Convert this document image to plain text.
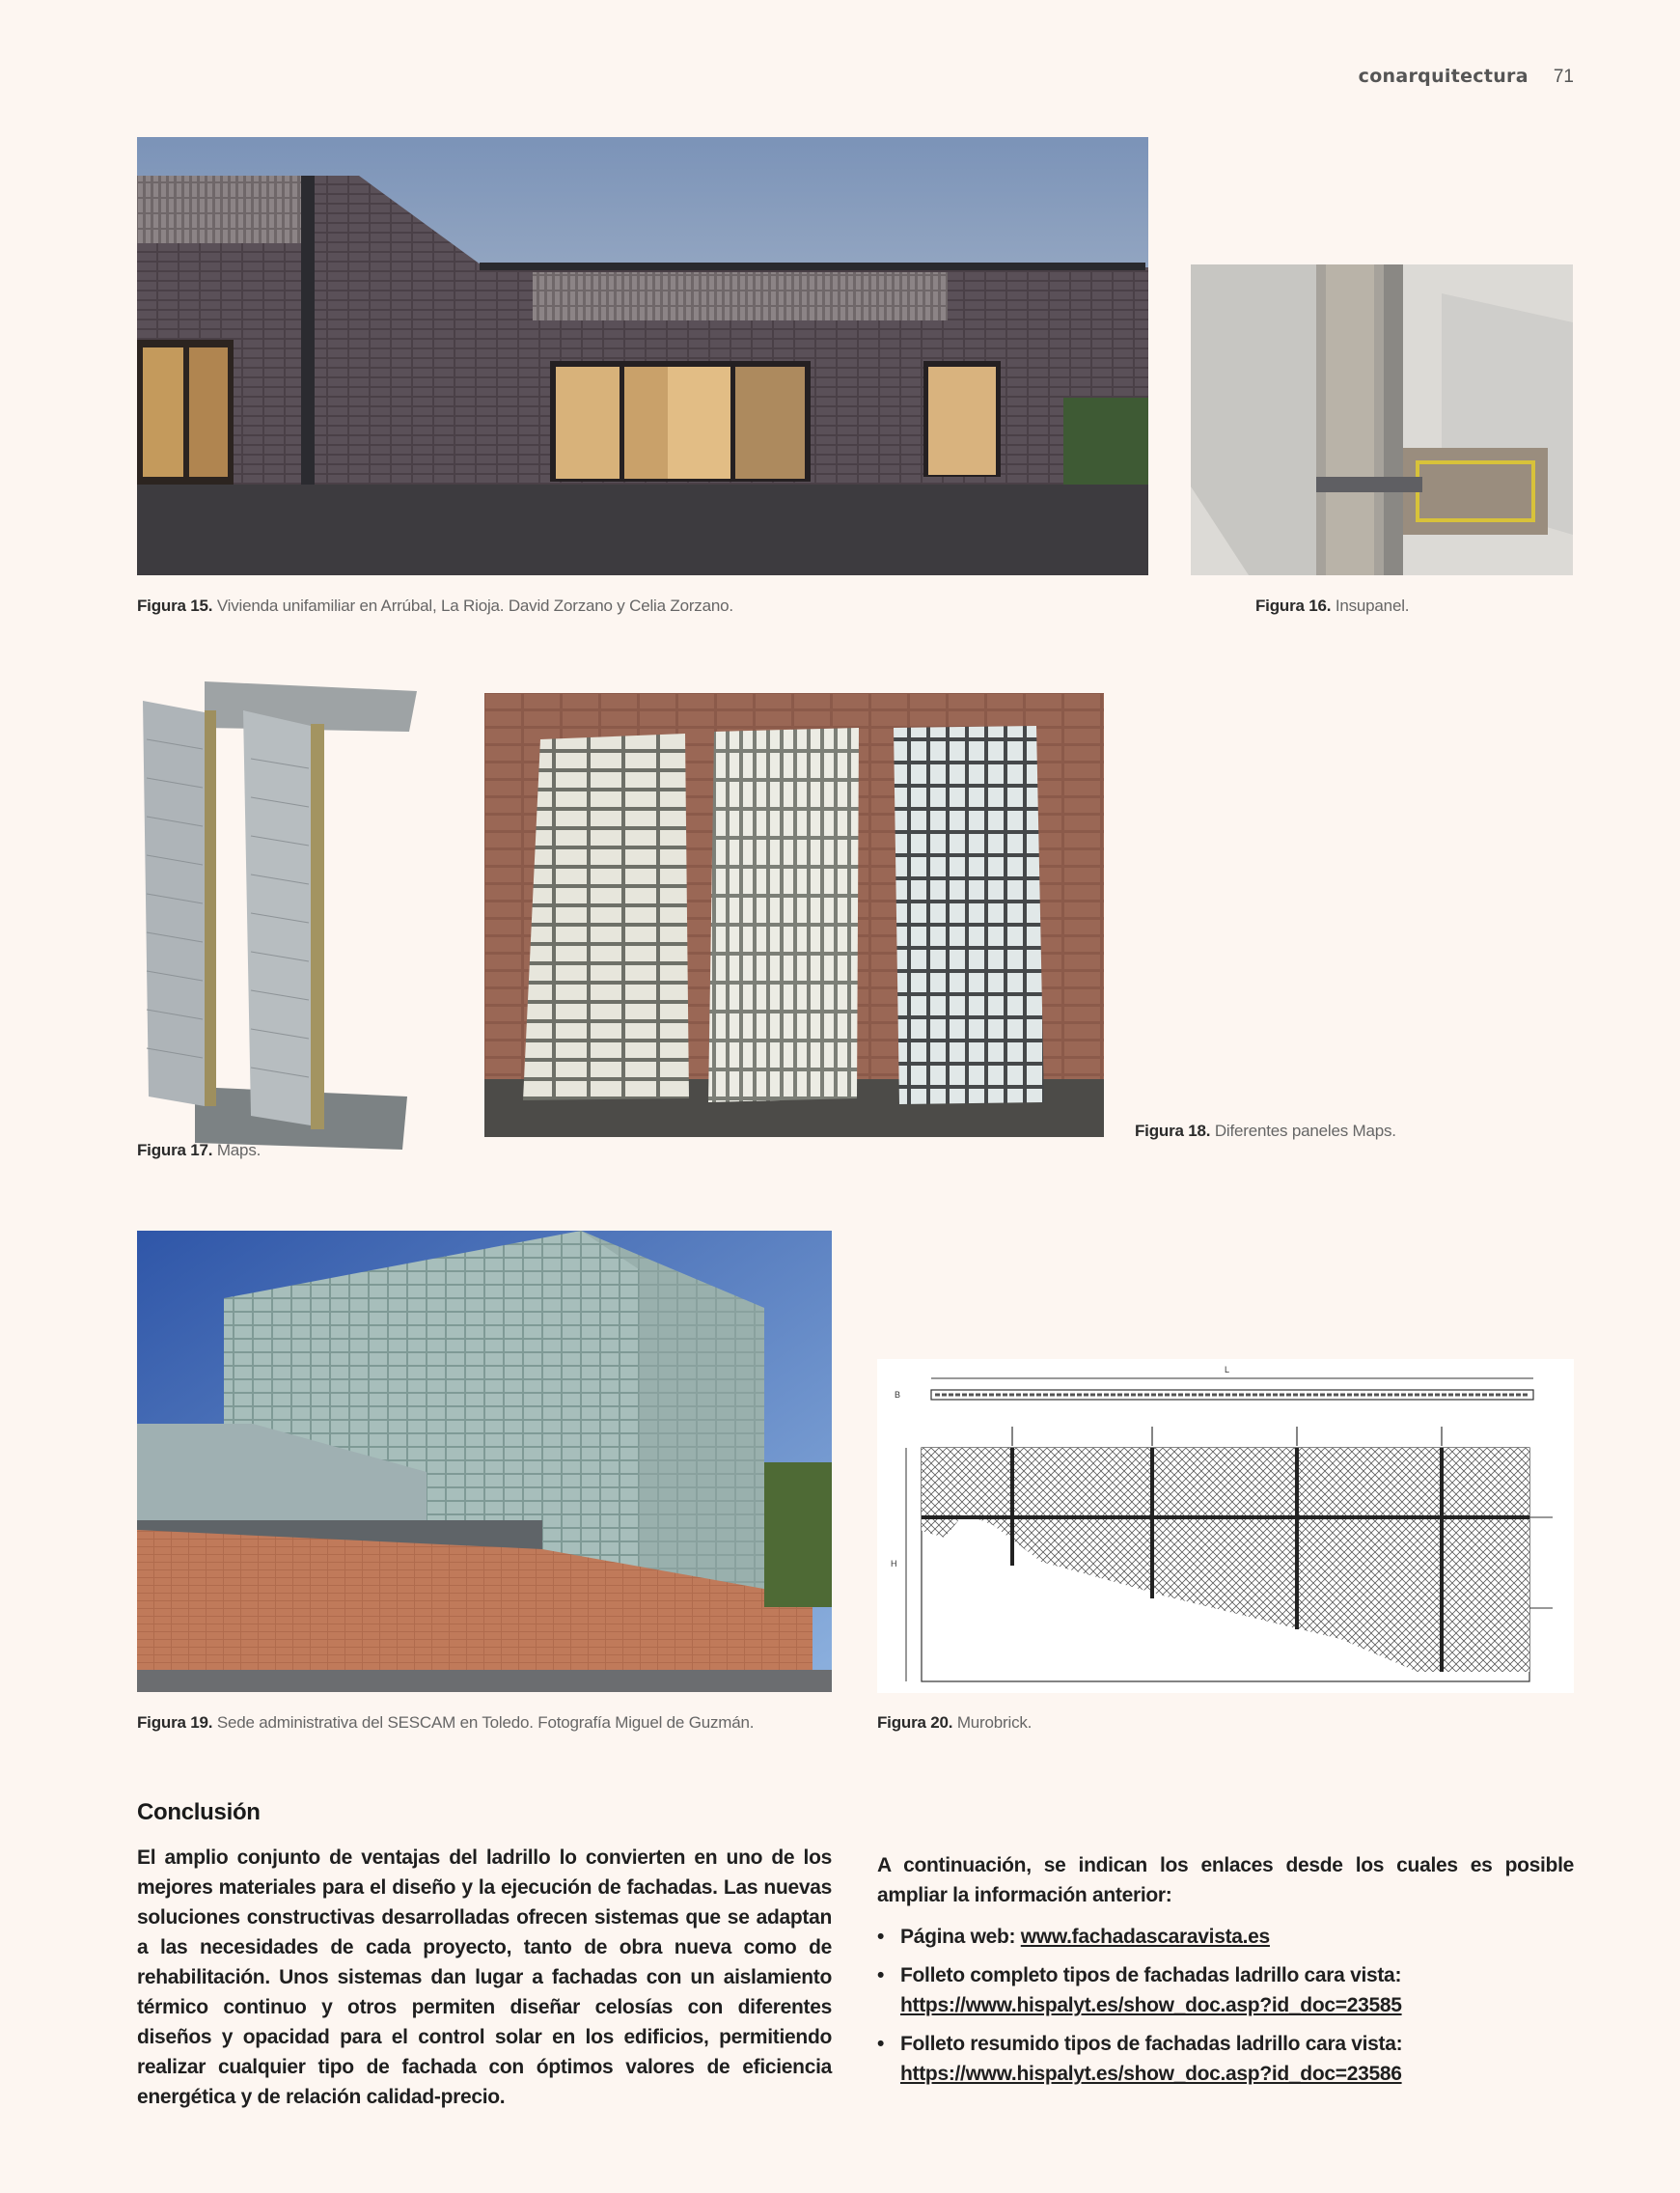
conarquitectura 71
Figura 15. Vivienda unifamiliar en Arrúbal, La Rioja. David Zorzano y Celia Zorzano.	Figura 16. Insupanel.
Figura 17. Maps.
Figura 18. Diferentes paneles Maps.
L
B
H
Figura 19. Sede administrativa del SESCAM en Toledo. Fotografía Miguel de Guzmán.	Figura 20. Murobrick.
Conclusión

El amplio conjunto de ventajas del ladrillo lo convierten en uno de los mejores materiales para el diseño y la ejecución de fachadas. Las nuevas soluciones constructivas desarrolladas ofrecen sistemas que se adaptan a las necesidades de cada proyecto, tanto de obra nueva como de rehabilitación. Unos sistemas dan lugar a fachadas con un aislamiento térmico continuo y otros permiten diseñar celosías con diferentes diseños y opacidad para el control solar en los edificios, permitiendo realizar cualquier tipo de fachada con óptimos valores de eficiencia energética y de relación calidad-precio.

A continuación, se indican los enlaces desde los cuales es posible ampliar la información anterior:
• Página web: www.fachadascaravista.es
• Folleto completo tipos de fachadas ladrillo cara vista:
https://www.hispalyt.es/show_doc.asp?id_doc=23585
• Folleto resumido tipos de fachadas ladrillo cara vista:
https://www.hispalyt.es/show_doc.asp?id_doc=23586
